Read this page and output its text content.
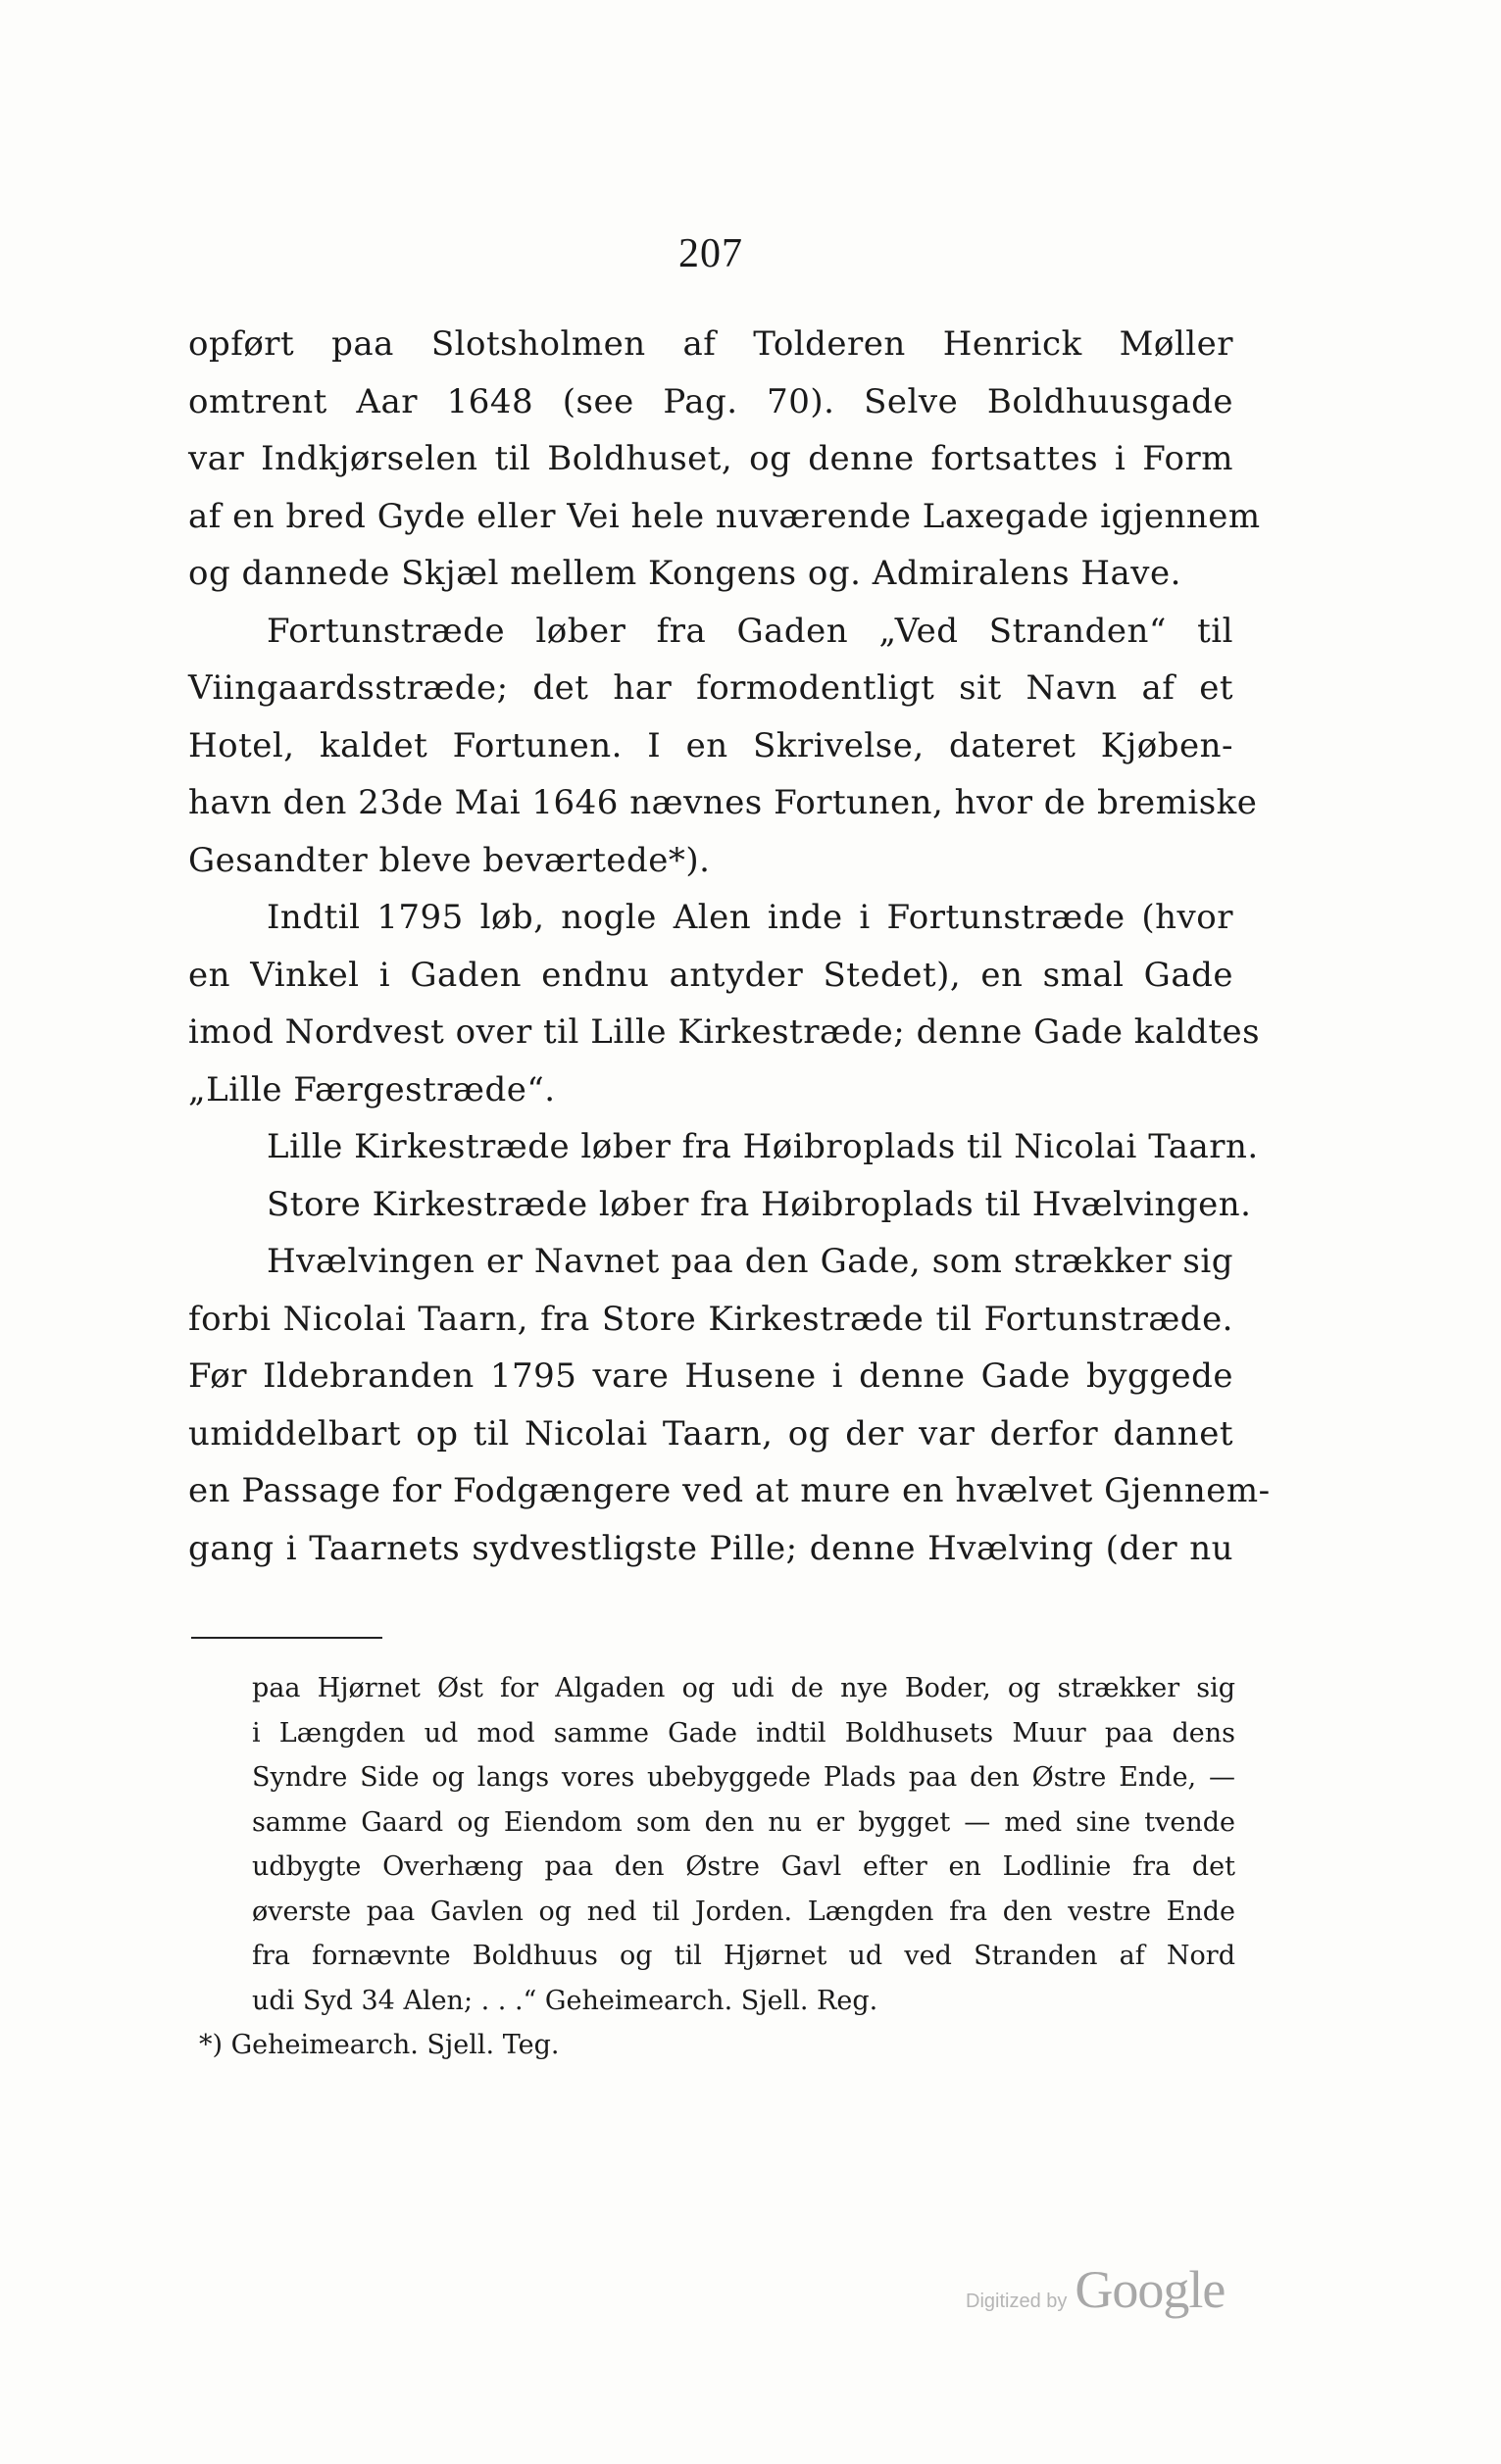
207
opført paa Slotsholmen af Tolderen Henrick Møller
omtrent Aar 1648 (see Pag. 70). Selve Boldhuusgade
var Indkjørselen til Boldhuset, og denne fortsattes i Form
af en bred Gyde eller Vei hele nuværende Laxegade igjennem
og dannede Skjæl mellem Kongens og. Admiralens Have.
Fortunstræde løber fra Gaden „Ved Stranden“ til
Viingaardsstræde; det har formodentligt sit Navn af et
Hotel, kaldet Fortunen. I en Skrivelse, dateret Kjøben-
havn den 23de Mai 1646 nævnes Fortunen, hvor de bremiske
Gesandter bleve beværtede*).
Indtil 1795 løb, nogle Alen inde i Fortunstræde (hvor
en Vinkel i Gaden endnu antyder Stedet), en smal Gade
imod Nordvest over til Lille Kirkestræde; denne Gade kaldtes
„Lille Færgestræde“.
Lille Kirkestræde løber fra Høibroplads til Nicolai Taarn.
Store Kirkestræde løber fra Høibroplads til Hvælvingen.
Hvælvingen er Navnet paa den Gade, som strækker sig
forbi Nicolai Taarn, fra Store Kirkestræde til Fortunstræde.
Før Ildebranden 1795 vare Husene i denne Gade byggede
umiddelbart op til Nicolai Taarn, og der var derfor dannet
en Passage for Fodgængere ved at mure en hvælvet Gjennem-
gang i Taarnets sydvestligste Pille; denne Hvælving (der nu
paa Hjørnet Øst for Algaden og udi de nye Boder, og strækker sig
i Længden ud mod samme Gade indtil Boldhusets Muur paa dens
Syndre Side og langs vores ubebyggede Plads paa den Østre Ende, —
samme Gaard og Eiendom som den nu er bygget — med sine tvende
udbygte Overhæng paa den Østre Gavl efter en Lodlinie fra det
øverste paa Gavlen og ned til Jorden. Længden fra den vestre Ende
fra fornævnte Boldhuus og til Hjørnet ud ved Stranden af Nord
udi Syd 34 Alen; . . .“ Geheimearch. Sjell. Reg.
*) Geheimearch. Sjell. Teg.
Digitized by Google
